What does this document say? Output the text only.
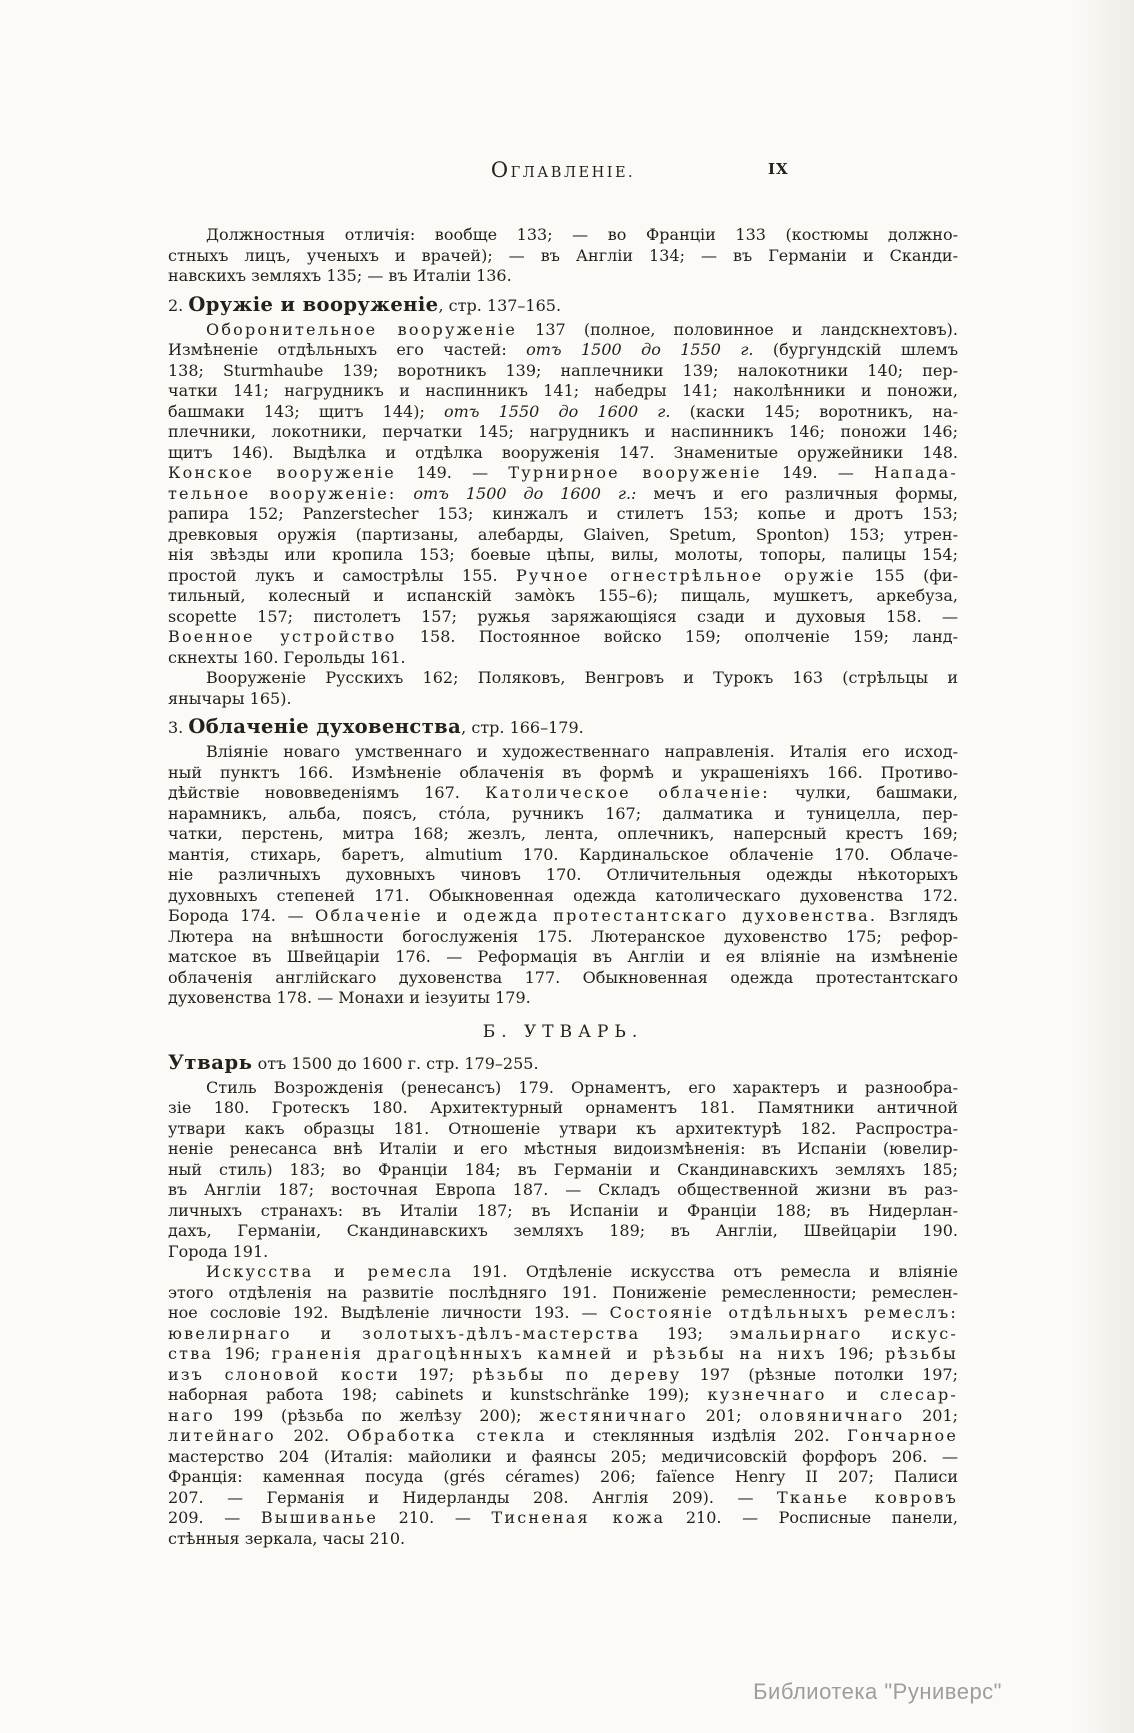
IX
ОГЛАВЛЕНІЕ.
Должностныя отличія: вообще 133; — во Франціи 133 (костюмы должно-
стныхъ лицъ, ученыхъ и врачей); — въ Англіи 134; — въ Германіи и Сканди-
навскихъ земляхъ 135; — въ Италіи 136.
2. Оружіе и вооруженіе, стр. 137–165.
Оборонительное вооруженіе 137 (полное, половинное и ландскнехтовъ).
Измѣненіе отдѣльныхъ его частей: отъ 1500 до 1550 г. (бургундскій шлемъ
138; Sturmhaube 139; воротникъ 139; наплечники 139; налокотники 140; пер-
чатки 141; нагрудникъ и наспинникъ 141; набедры 141; наколѣнники и поножи,
башмаки 143; щитъ 144); отъ 1550 до 1600 г. (каски 145; воротникъ, на-
плечники, локотники, перчатки 145; нагрудникъ и наспинникъ 146; поножи 146;
щитъ 146). Выдѣлка и отдѣлка вооруженія 147. Знаменитые оружейники 148.
Конское вооруженіе 149. — Турнирное вооруженіе 149. — Напада-
тельное вооруженіе: отъ 1500 до 1600 г.: мечъ и его различныя формы,
рапира 152; Panzerstecher 153; кинжалъ и стилетъ 153; копье и дротъ 153;
древковыя оружія (партизаны, алебарды, Glaiven, Spetum, Sponton) 153; утрен-
нія звѣзды или кропила 153; боевые цѣпы, вилы, молоты, топоры, палицы 154;
простой лукъ и самострѣлы 155. Ручное огнестрѣльное оружіе 155 (фи-
тильный, колесный и испанскій замо̀къ 155–6); пищаль, мушкетъ, аркебуза,
scopette 157; пистолетъ 157; ружья заряжающіяся сзади и духовыя 158. —
Военное устройство 158. Постоянное войско 159; ополченіе 159; ланд-
скнехты 160. Герольды 161.
Вооруженіе Русскихъ 162; Поляковъ, Венгровъ и Турокъ 163 (стрѣльцы и
янычары 165).
3. Облаченіе духовенства, стр. 166–179.
Вліяніе новаго умственнаго и художественнаго направленія. Италія его исход-
ный пунктъ 166. Измѣненіе облаченія въ формѣ и украшеніяхъ 166. Противо-
дѣйствіе нововведеніямъ 167. Католическое облаченіе: чулки, башмаки,
нарамникъ, альба, поясъ, сто́ла, ручникъ 167; далматика и туницелла, пер-
чатки, перстень, митра 168; жезлъ, лента, оплечникъ, наперсный крестъ 169;
мантія, стихарь, баретъ, almutium 170. Кардинальское облаченіе 170. Облаче-
ніе различныхъ духовныхъ чиновъ 170. Отличительныя одежды нѣкоторыхъ
духовныхъ степеней 171. Обыкновенная одежда католическаго духовенства 172.
Борода 174. — Облаченіе и одежда протестантскаго духовенства. Взглядъ
Лютера на внѣшности богослуженія 175. Лютеранское духовенство 175; рефор-
матское въ Швейцаріи 176. — Реформація въ Англіи и ея вліяніе на измѣненіе
облаченія англійскаго духовенства 177. Обыкновенная одежда протестантскаго
духовенства 178. — Монахи и іезуиты 179.
Б. УТВАРЬ.
Утварь отъ 1500 до 1600 г. стр. 179–255.
Стиль Возрожденія (ренесансъ) 179. Орнаментъ, его характеръ и разнообра-
зіе 180. Гротескъ 180. Архитектурный орнаментъ 181. Памятники античной
утвари какъ образцы 181. Отношеніе утвари къ архитектурѣ 182. Распростра-
неніе ренесанса внѣ Италіи и его мѣстныя видоизмѣненія: въ Испаніи (ювелир-
ный стиль) 183; во Франціи 184; въ Германіи и Скандинавскихъ земляхъ 185;
въ Англіи 187; восточная Европа 187. — Складъ общественной жизни въ раз-
личныхъ странахъ: въ Италіи 187; въ Испаніи и Франціи 188; въ Нидерлан-
дахъ, Германіи, Скандинавскихъ земляхъ 189; въ Англіи, Швейцаріи 190.
Города 191.
Искусства и ремесла 191. Отдѣленіе искусства отъ ремесла и вліяніе
этого отдѣленія на развитіе послѣдняго 191. Пониженіе ремесленности; ремеслен-
ное сословіе 192. Выдѣленіе личности 193. — Состояніе отдѣльныхъ ремеслъ:
ювелирнаго и золотыхъ-дѣлъ-мастерства 193; эмальирнаго искус-
ства 196; граненія драгоцѣнныхъ камней и рѣзьбы на нихъ 196; рѣзьбы
изъ слоновой кости 197; рѣзьбы по дереву 197 (рѣзные потолки 197;
наборная работа 198; cabinets и kunstschränke 199); кузнечнаго и слесар-
наго 199 (рѣзьба по желѣзу 200); жестяничнаго 201; оловяничнаго 201;
литейнаго 202. Обработка стекла и стеклянныя издѣлія 202. Гончарное
мастерство 204 (Италія: майолики и фаянсы 205; медичисовскій форфоръ 206. —
Франція: каменная посуда (grés cérames) 206; faïence Henry II 207; Палиси
207. — Германія и Нидерланды 208. Англія 209). — Тканье ковровъ
209. — Вышиванье 210. — Тисненая кожа 210. — Росписные панели,
стѣнныя зеркала, часы 210.
Библиотека "Руниверс"
